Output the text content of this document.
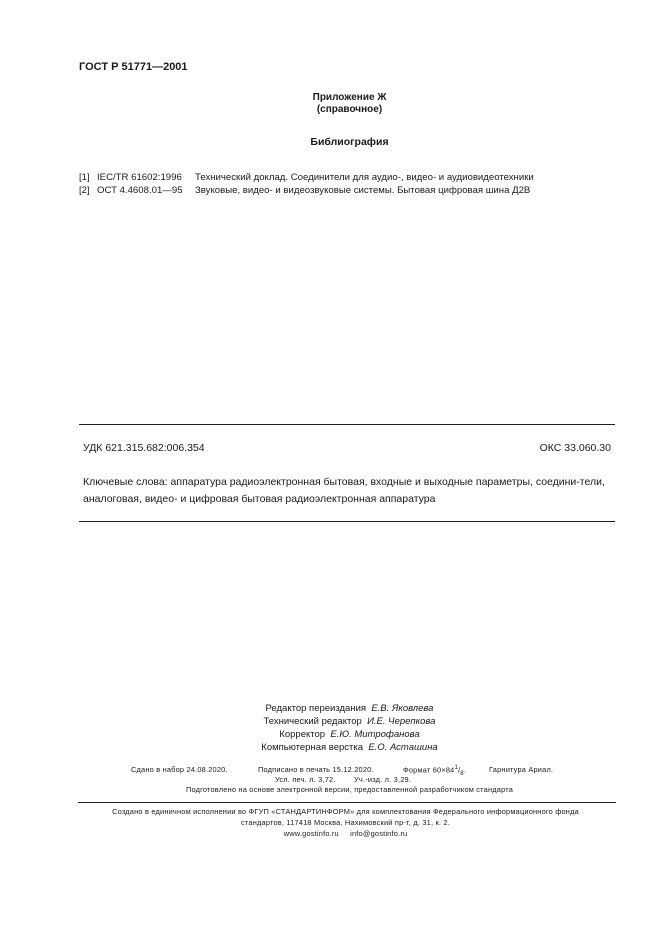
ГОСТ Р 51771—2001
Приложение Ж
(справочное)
Библиография
[1] IEC/TR 61602:1996 Технический доклад. Соединители для аудио-, видео- и аудиовидеотехники
[2] ОСТ 4.4608.01—95 Звуковые, видео- и видеозвуковые системы. Бытовая цифровая шина Д2В
УДК 621.315.682:006.354	ОКС 33.060.30
Ключевые слова: аппаратура радиоэлектронная бытовая, входные и выходные параметры, соедини-тели, аналоговая, видео- и цифровая бытовая радиоэлектронная аппаратура
Редактор переиздания Е.В. Яковлева
Технический редактор И.Е. Черепкова
Корректор Е.Ю. Митрофанова
Компьютерная верстка Е.О. Асташина
Сдано в набор 24.08.2020.	Подписано в печать 15.12.2020.	Формат $60\times 84^1/_8$.	Гарнитура Ариал.
Усл. печ. л. 3,72. Уч.-изд. л. 3,29.
Подготовлено на основе электронной версии, предоставленной разработчиком стандарта
Создано в единичном исполнении во ФГУП «СТАНДАРТИНФОРМ» для комплектования Федерального информационного фонда
стандартов, 117418 Москва, Нахимовский пр-т, д. 31, к. 2.
www.gostinfo.ru info@gostinfo.ru
